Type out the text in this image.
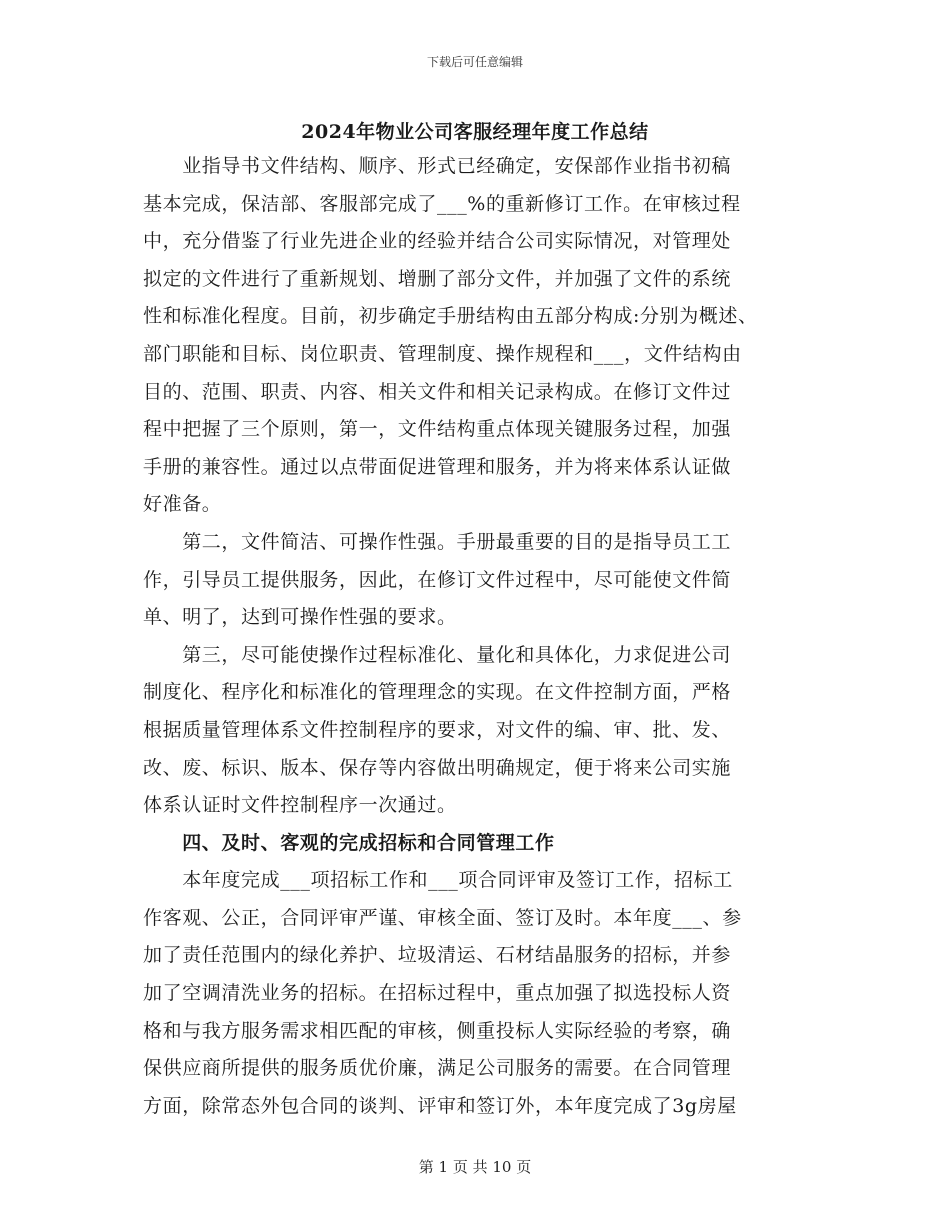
下载后可任意编辑
2024年物业公司客服经理年度工作总结
　　业指导书文件结构、顺序、形式已经确定，安保部作业指书初稿
基本完成，保洁部、客服部完成了___%的重新修订工作。在审核过程
中，充分借鉴了行业先进企业的经验并结合公司实际情况，对管理处
拟定的文件进行了重新规划、增删了部分文件，并加强了文件的系统
性和标准化程度。目前，初步确定手册结构由五部分构成:分别为概述、
部门职能和目标、岗位职责、管理制度、操作规程和___，文件结构由
目的、范围、职责、内容、相关文件和相关记录构成。在修订文件过
程中把握了三个原则，第一，文件结构重点体现关键服务过程，加强
手册的兼容性。通过以点带面促进管理和服务，并为将来体系认证做
好准备。
　　第二，文件简洁、可操作性强。手册最重要的目的是指导员工工
作，引导员工提供服务，因此，在修订文件过程中，尽可能使文件简
单、明了，达到可操作性强的要求。
　　第三，尽可能使操作过程标准化、量化和具体化，力求促进公司
制度化、程序化和标准化的管理理念的实现。在文件控制方面，严格
根据质量管理体系文件控制程序的要求，对文件的编、审、批、发、
改、废、标识、版本、保存等内容做出明确规定，便于将来公司实施
体系认证时文件控制程序一次通过。
　　四、及时、客观的完成招标和合同管理工作
　　本年度完成___项招标工作和___项合同评审及签订工作，招标工
作客观、公正，合同评审严谨、审核全面、签订及时。本年度___、参
加了责任范围内的绿化养护、垃圾清运、石材结晶服务的招标，并参
加了空调清洗业务的招标。在招标过程中，重点加强了拟选投标人资
格和与我方服务需求相匹配的审核，侧重投标人实际经验的考察，确
保供应商所提供的服务质优价廉，满足公司服务的需要。在合同管理
方面，除常态外包合同的谈判、评审和签订外，本年度完成了3g房屋
第 1 页 共 10 页
